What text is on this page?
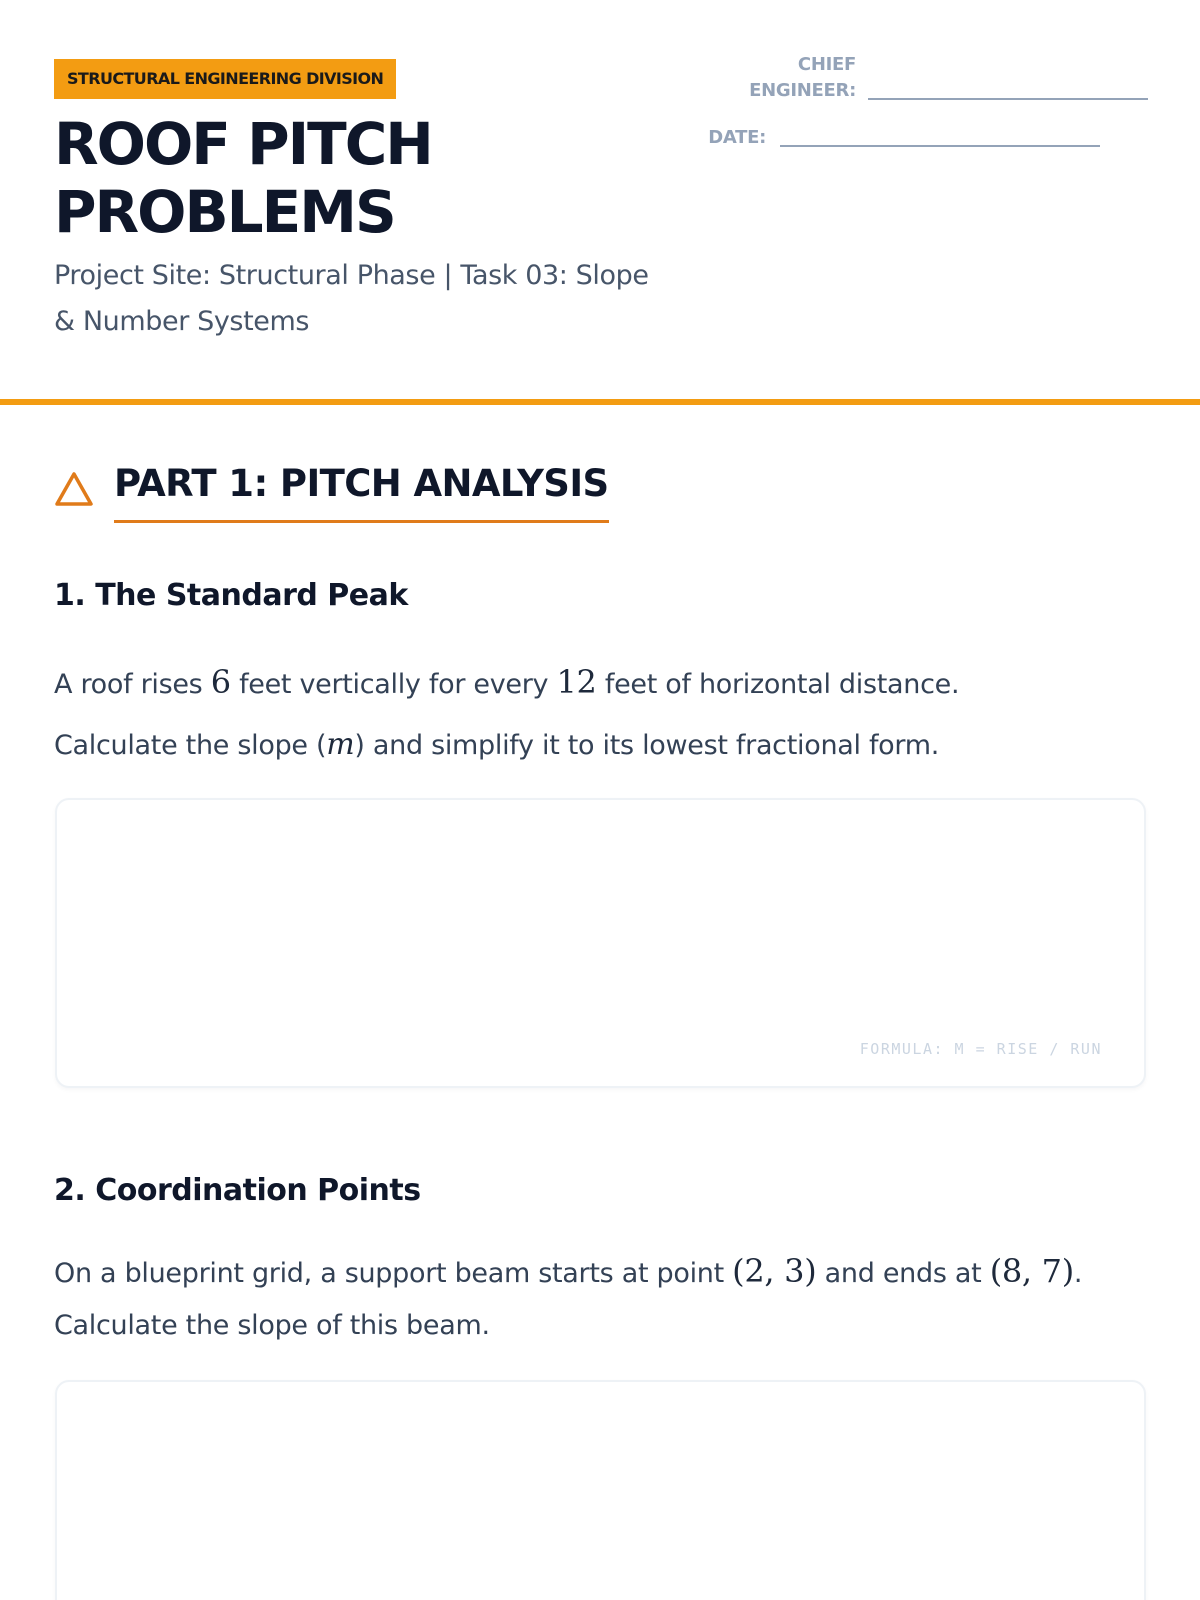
STRUCTURAL ENGINEERING DIVISION
ROOF PITCH
PROBLEMS
Project Site: Structural Phase | Task 03: Slope
& Number Systems
CHIEF
ENGINEER:
DATE:
PART 1: PITCH ANALYSIS
1. The Standard Peak
A roof rises 6 feet vertically for every 12 feet of horizontal distance.
Calculate the slope (m) and simplify it to its lowest fractional form.
FORMULA: M = RISE / RUN
2. Coordination Points
On a blueprint grid, a support beam starts at point (2, 3) and ends at (8, 7).
Calculate the slope of this beam.
